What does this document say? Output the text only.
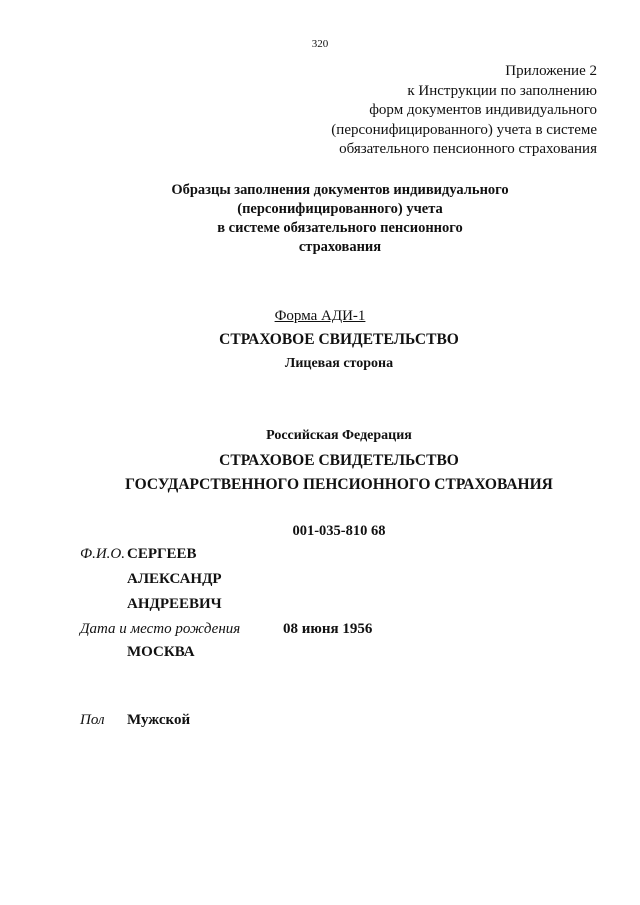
320
Приложение 2
к Инструкции по заполнению
форм документов индивидуального
(персонифицированного) учета в системе
обязательного пенсионного страхования
Образцы заполнения документов индивидуального
(персонифицированного) учета
в системе обязательного пенсионного
страхования
Форма АДИ-1
СТРАХОВОЕ СВИДЕТЕЛЬСТВО
Лицевая сторона
Российская Федерация
СТРАХОВОЕ СВИДЕТЕЛЬСТВО
ГОСУДАРСТВЕННОГО ПЕНСИОННОГО СТРАХОВАНИЯ
001-035-810 68
Ф.И.О. СЕРГЕЕВ
АЛЕКСАНДР
АНДРЕЕВИЧ
Дата и место рождения	08 июня 1956
МОСКВА
Пол Мужской
